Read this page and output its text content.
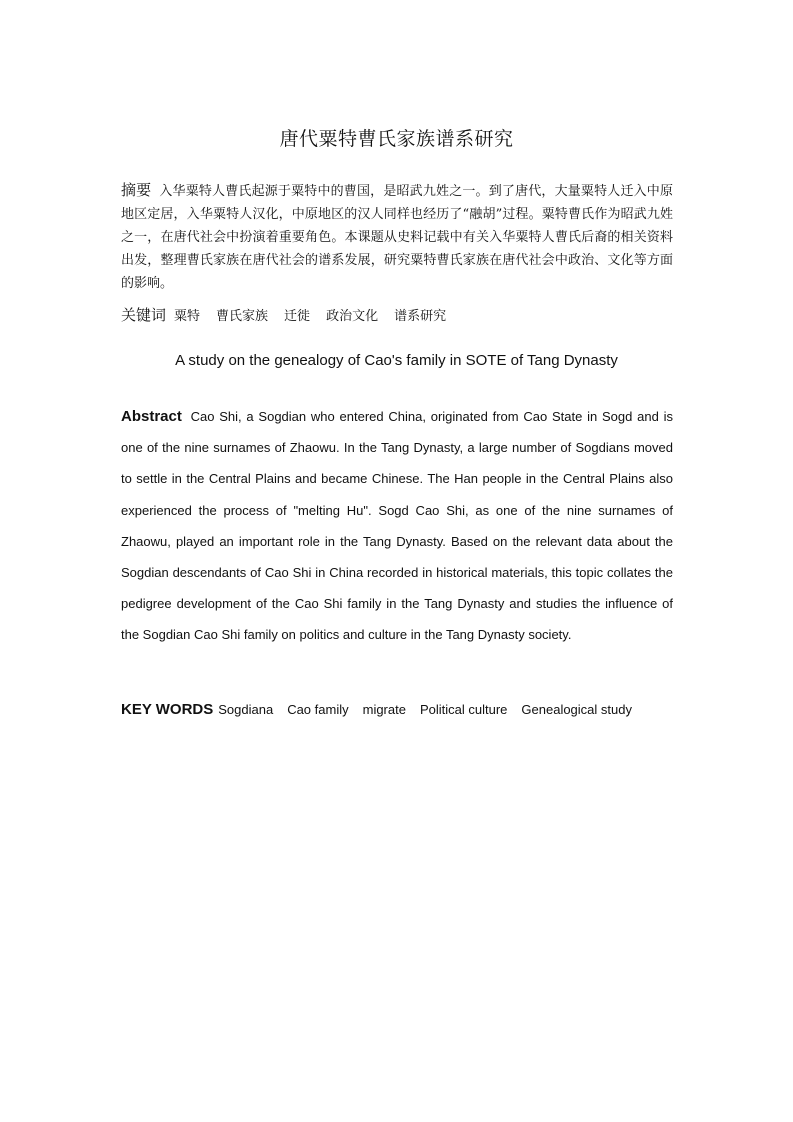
唐代粟特曹氏家族谱系研究

摘要 入华粟特人曹氏起源于粟特中的曹国，是昭武九姓之一。到了唐代，大量粟特人迁入中原地区定居，入华粟特人汉化，中原地区的汉人同样也经历了“融胡”过程。粟特曹氏作为昭武九姓之一，在唐代社会中扮演着重要角色。本课题从史料记载中有关入华粟特人曹氏后裔的相关资料出发，整理曹氏家族在唐代社会的谱系发展，研究粟特曹氏家族在唐代社会中政治、文化等方面的影响。

关键词 粟特 曹氏家族 迁徙 政治文化 谱系研究

A study on the genealogy of Cao's family in SOTE of Tang Dynasty

Abstract Cao Shi, a Sogdian who entered China, originated from Cao State in Sogd and is one of the nine surnames of Zhaowu. In the Tang Dynasty, a large number of Sogdians moved to settle in the Central Plains and became Chinese. The Han people in the Central Plains also experienced the process of "melting Hu". Sogd Cao Shi, as one of the nine surnames of Zhaowu, played an important role in the Tang Dynasty. Based on the relevant data about the Sogdian descendants of Cao Shi in China recorded in historical materials, this topic collates the pedigree development of the Cao Shi family in the Tang Dynasty and studies the influence of the Sogdian Cao Shi family on politics and culture in the Tang Dynasty society.

KEY WORDS Sogdiana Cao family migrate Political culture Genealogical study
